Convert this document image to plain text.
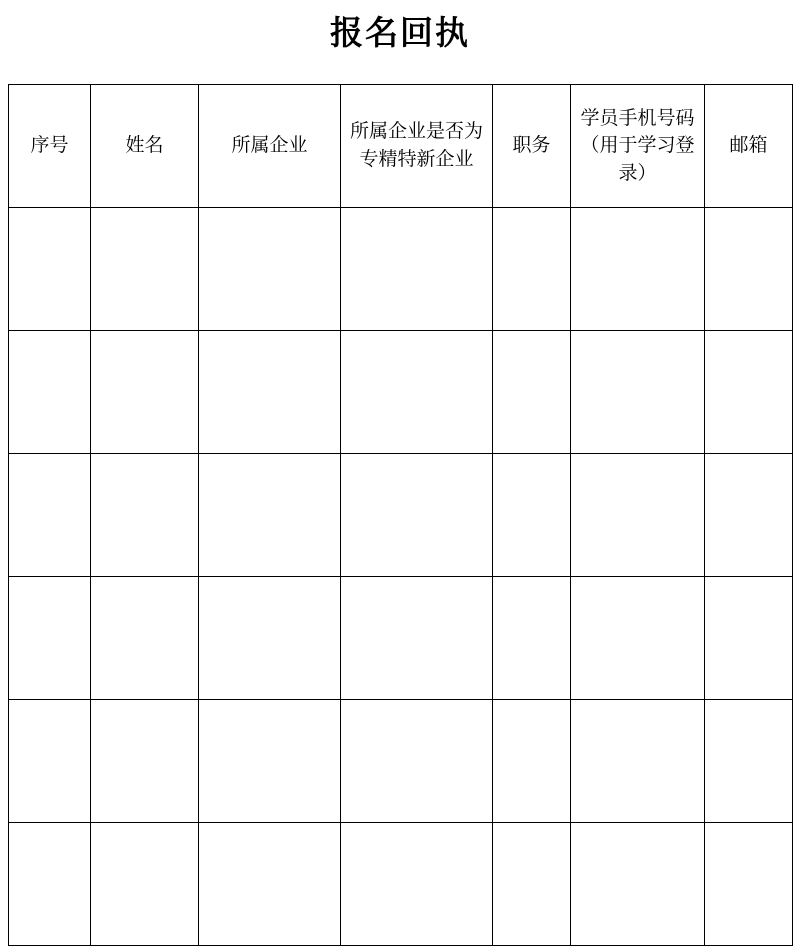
报名回执
序号	姓名	所属企业	所属企业是否为专精特新企业	职务	学员手机号码（用于学习登录）	邮箱
